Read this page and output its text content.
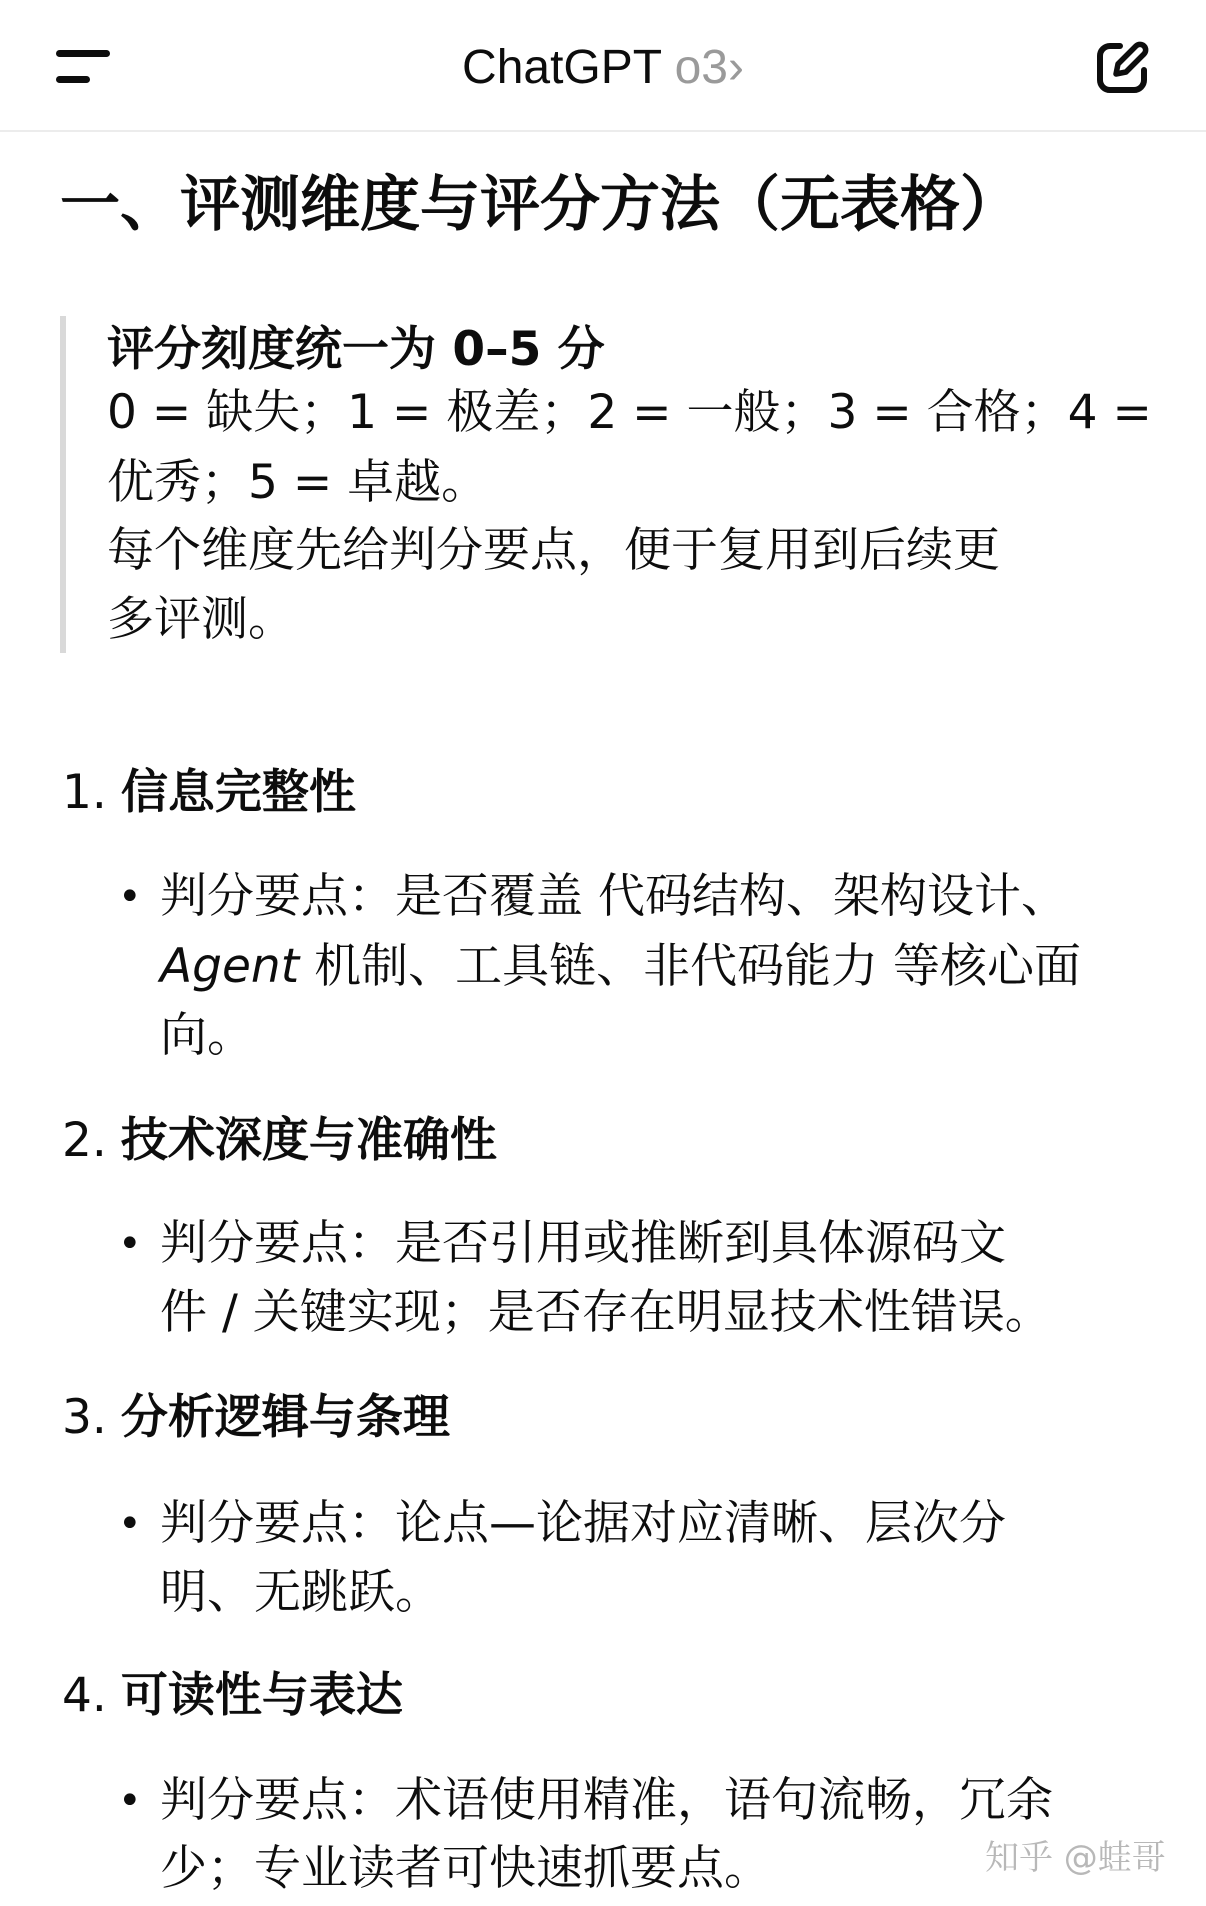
ChatGPT o3›
一、评测维度与评分方法（无表格）
评分刻度统一为 0–5 分
0 = 缺失；1 = 极差；2 = 一般；3 = 合格；4 =
优秀；5 = 卓越。
每个维度先给判分要点，便于复用到后续更
多评测。
1. 信息完整性
• 判分要点：是否覆盖 代码结构、架构设计、
Agent 机制、工具链、非代码能力 等核心面
向。
2. 技术深度与准确性
• 判分要点：是否引用或推断到具体源码文
件 / 关键实现；是否存在明显技术性错误。
3. 分析逻辑与条理
• 判分要点：论点—论据对应清晰、层次分
明、无跳跃。
4. 可读性与表达
• 判分要点：术语使用精准，语句流畅，冗余
少；专业读者可快速抓要点。	知乎 @蛙哥
